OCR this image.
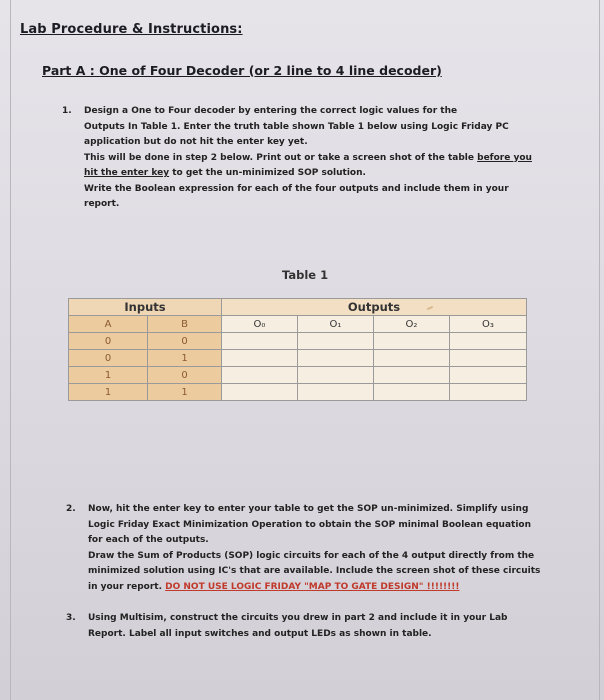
Lab Procedure & Instructions:
Part A : One of Four Decoder (or 2 line to 4 line decoder)
1. Design a One to Four decoder by entering the correct logic values for the

Outputs In Table 1. Enter the truth table shown Table 1 below using Logic Friday PC

application but do not hit the enter key yet.

This will be done in step 2 below. Print out or take a screen shot of the table before you

hit the enter key to get the un-minimized SOP solution.

Write the Boolean expression for each of the four outputs and include them in your

report.

Table 1
Inputs		Outputs			
A	B	O₀	O₁	O₂	O₃
0	0				
0	1				
1	0				
1	1				
2. Now, hit the enter key to enter your table to get the SOP un-minimized. Simplify using

Logic Friday Exact Minimization Operation to obtain the SOP minimal Boolean equation

for each of the outputs.

Draw the Sum of Products (SOP) logic circuits for each of the 4 output directly from the

minimized solution using IC's that are available. Include the screen shot of these circuits

in your report. DO NOT USE LOGIC FRIDAY "MAP TO GATE DESIGN" !!!!!!!!

3. Using Multisim, construct the circuits you drew in part 2 and include it in your Lab

Report. Label all input switches and output LEDs as shown in table.
